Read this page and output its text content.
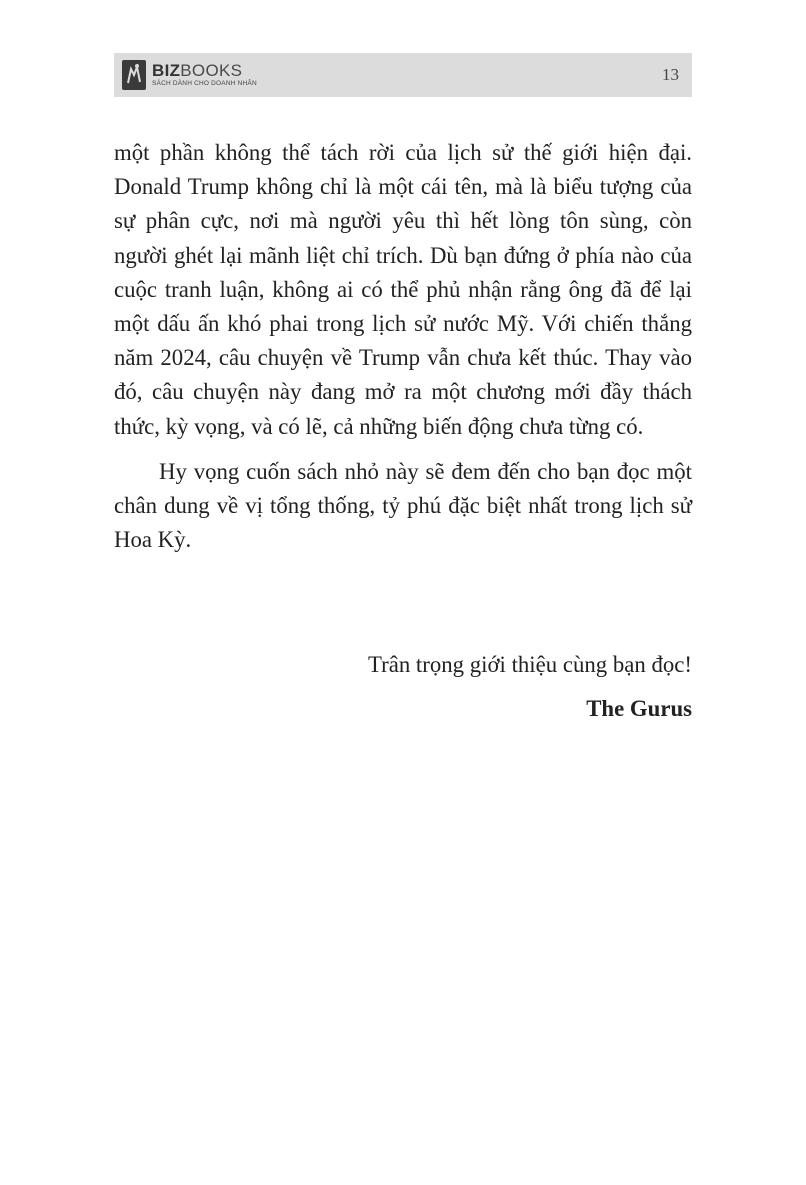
BIZBOOKS
SÁCH DÀNH CHO DOANH NHÂN	13

một phần không thể tách rời của lịch sử thế giới hiện đại. Donald Trump không chỉ là một cái tên, mà là biểu tượng của sự phân cực, nơi mà người yêu thì hết lòng tôn sùng, còn người ghét lại mãnh liệt chỉ trích. Dù bạn đứng ở phía nào của cuộc tranh luận, không ai có thể phủ nhận rằng ông đã để lại một dấu ấn khó phai trong lịch sử nước Mỹ. Với chiến thắng năm 2024, câu chuyện về Trump vẫn chưa kết thúc. Thay vào đó, câu chuyện này đang mở ra một chương mới đầy thách thức, kỳ vọng, và có lẽ, cả những biến động chưa từng có.

Hy vọng cuốn sách nhỏ này sẽ đem đến cho bạn đọc một chân dung về vị tổng thống, tỷ phú đặc biệt nhất trong lịch sử Hoa Kỳ.

Trân trọng giới thiệu cùng bạn đọc!
The Gurus
